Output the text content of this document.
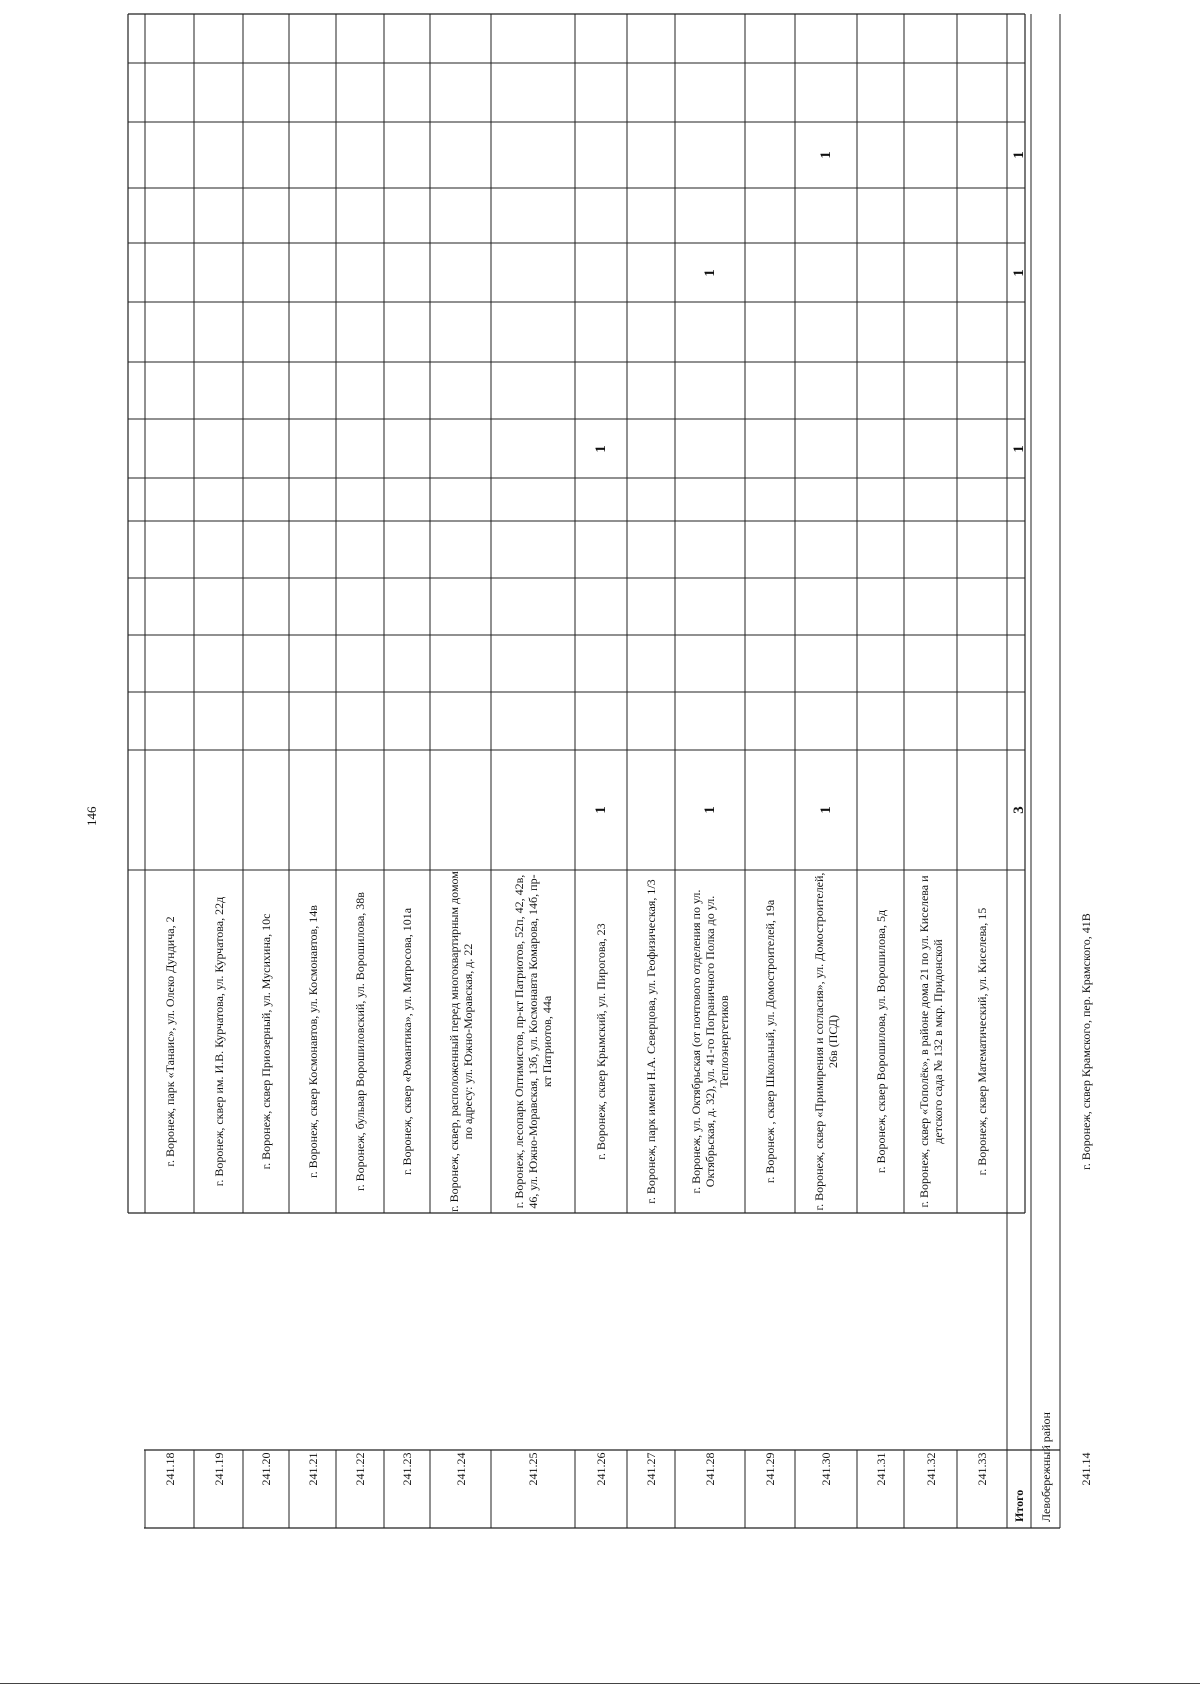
146
г. Воронеж, парк «Танаис», ул. Олеко Дундича, 2
241.18
г. Воронеж, сквер им. И.В. Курчатова, ул. Курчатова, 22д
241.19
г. Воронеж, сквер Приозерный, ул. Мусихина, 10с
241.20
г. Воронеж, сквер Космонавтов, ул. Космонавтов, 14в
241.21
г. Воронеж, бульвар Ворошиловский, ул. Ворошилова, 38в
241.22
г. Воронеж, сквер «Романтика», ул. Матросова, 101а
241.23
г. Воронеж, сквер, расположенный перед многоквартирным домом по адресу: ул. Южно-Моравская, д. 22
241.24
г. Воронеж, лесопарк Оптимистов, пр-кт Патриотов, 52п, 42, 42в, 46, ул. Южно-Моравская, 13б, ул. Космонавта Комарова, 14б, пр-кт Патриотов, 44а
241.25
г. Воронеж, сквер Крымский, ул. Пирогова, 23
241.26
1
1
г. Воронеж, парк имени Н.А. Северцова, ул. Геофизическая, 1/3
241.27
г. Воронеж, ул. Октябрьская (от почтового отделения по ул. Октябрьская, д. 32), ул. 41-го Пограничного Полка до ул. Теплоэнергетиков
241.28
1
1
г. Воронеж , сквер Школьный, ул. Домостроителей, 19а
241.29
г. Воронеж, сквер «Примирения и согласия», ул. Домостроителей, 26в (ПСД)
241.30
1
1
г. Воронеж, сквер Ворошилова, ул. Ворошилова, 5д
241.31
г. Воронеж, сквер «Тополёк», в районе дома 21 по ул. Киселева и детского сада № 132 в мкр. Придонской
241.32
г. Воронеж, сквер Математический, ул. Киселева, 15
241.33
Итого
3
1
1
1
Левобережный район
г. Воронеж, сквер Крамского, пер. Крамского, 41В
241.14
